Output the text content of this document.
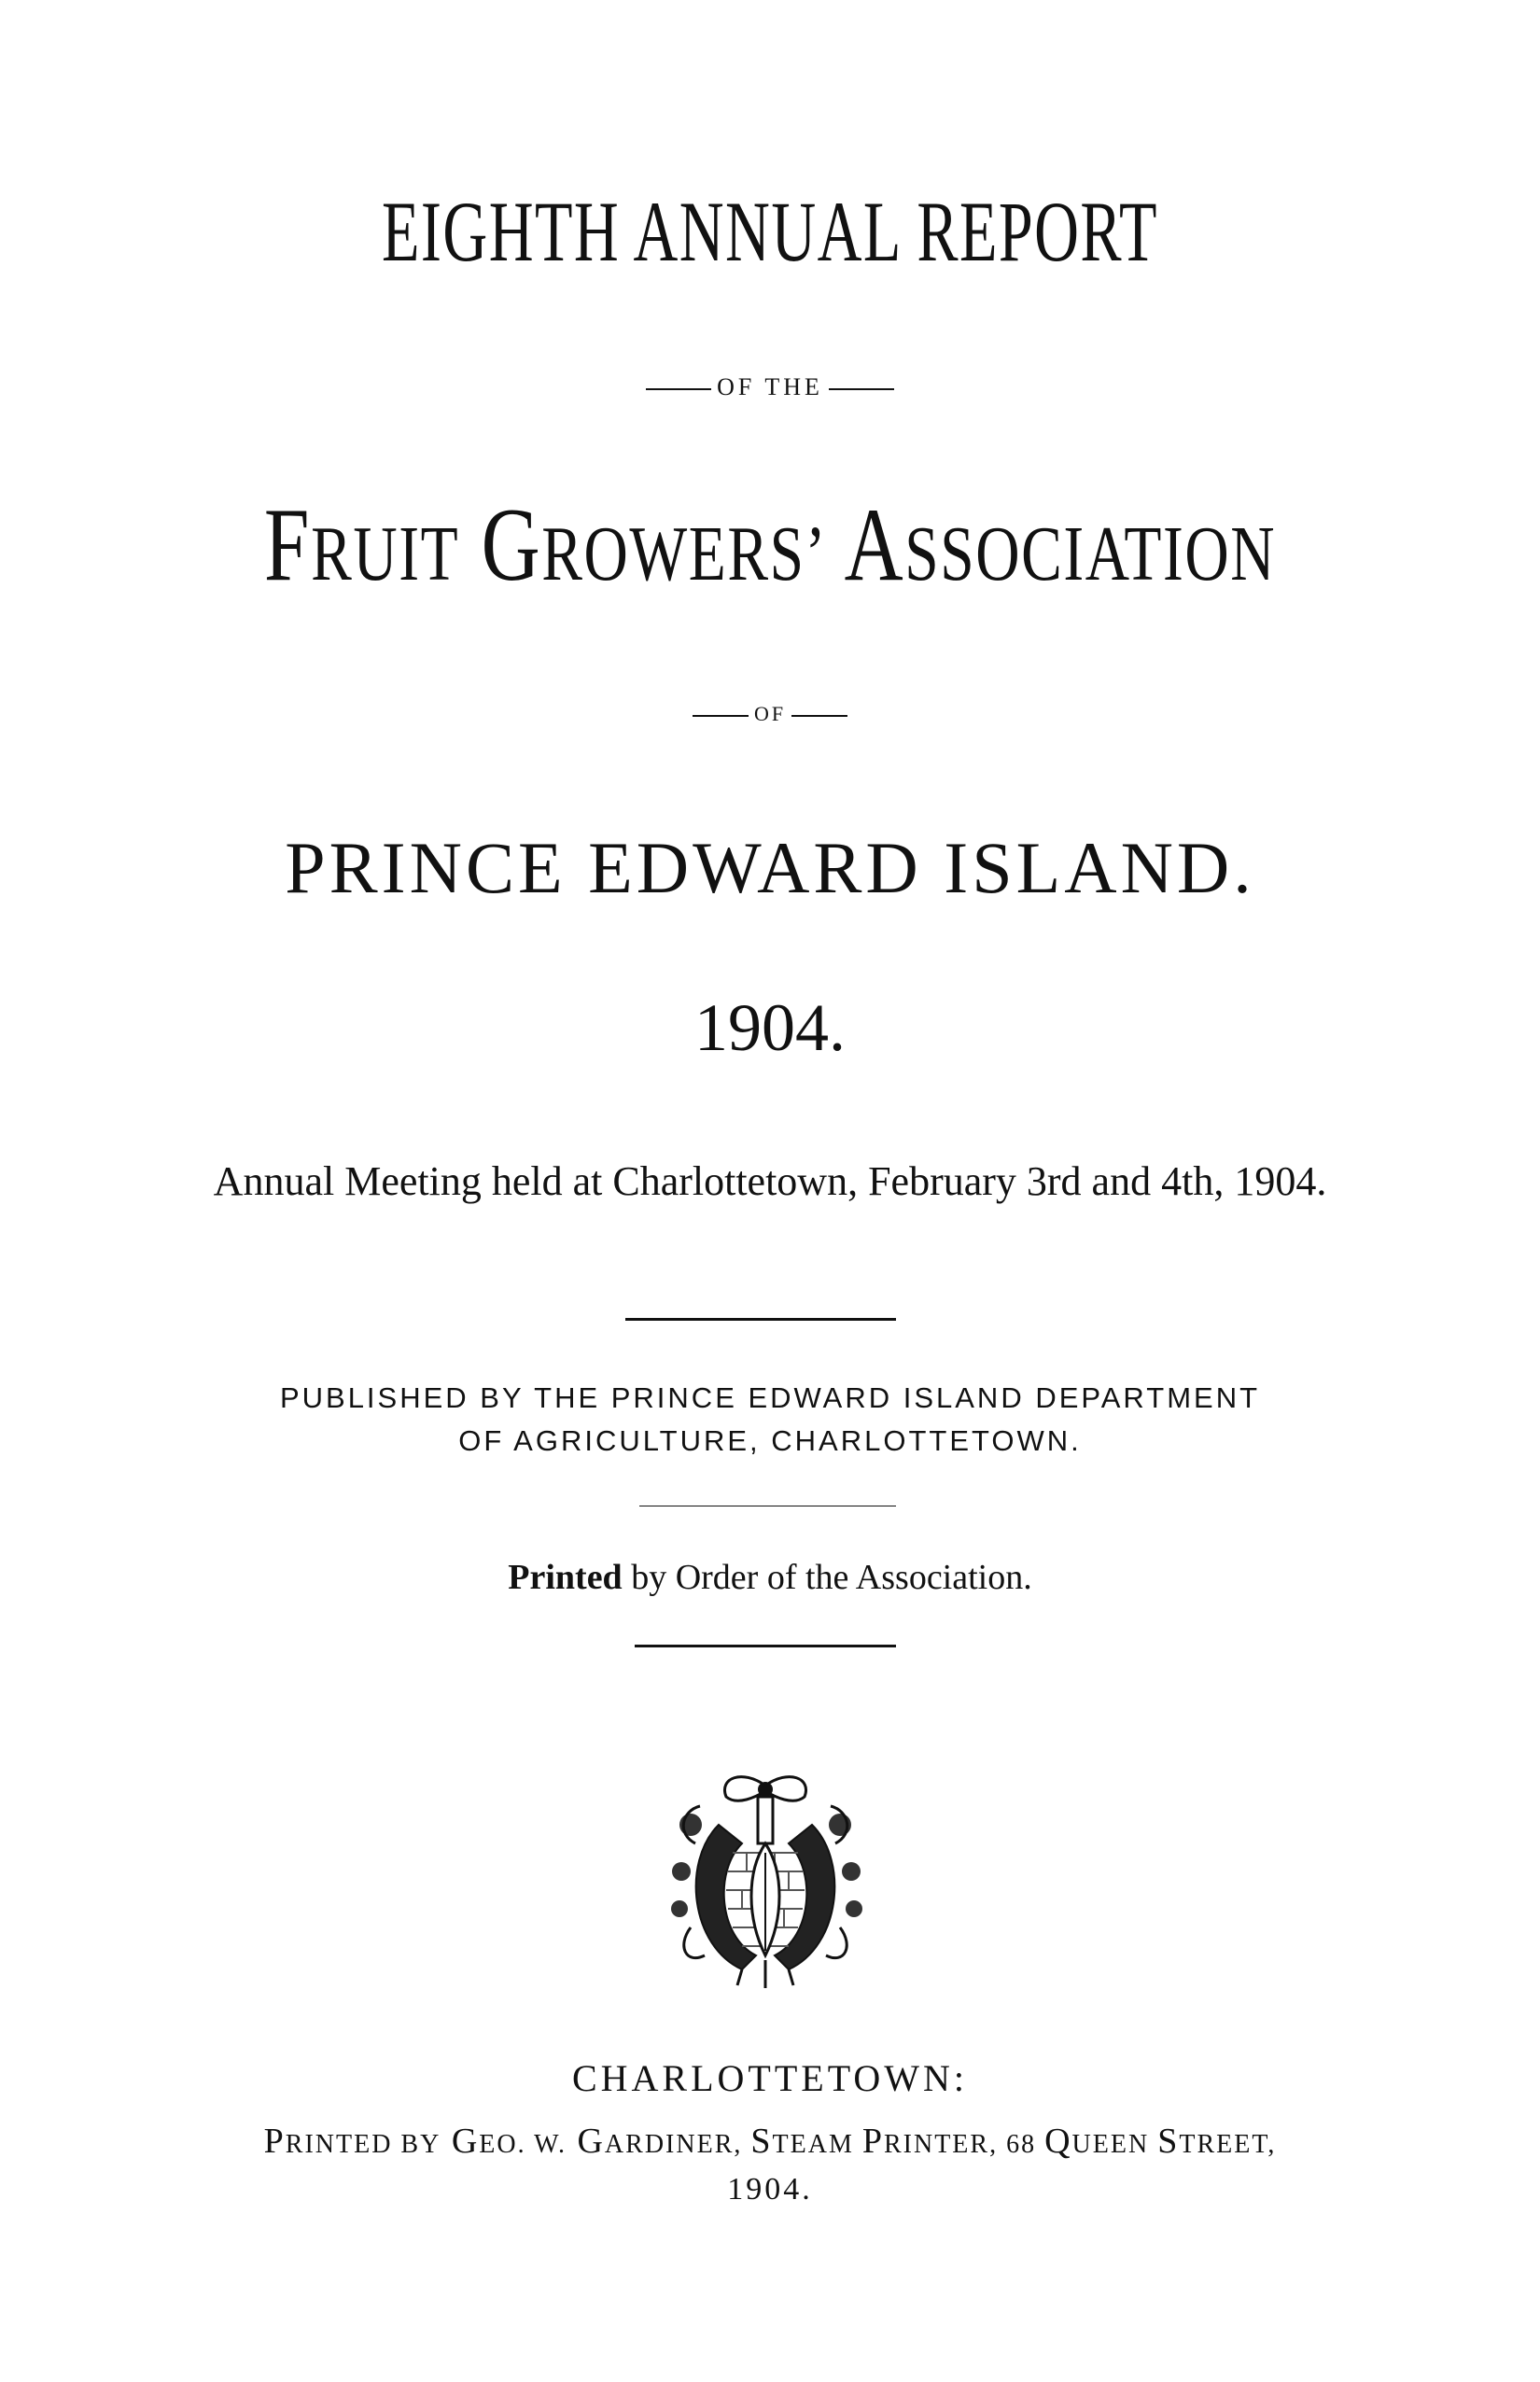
EIGHTH ANNUAL REPORT
OF THE
FRUIT GROWERS’ ASSOCIATION
OF
PRINCE EDWARD ISLAND.
1904.
Annual Meeting held at Charlottetown, February 3rd and 4th, 1904.
PUBLISHED BY THE PRINCE EDWARD ISLAND DEPARTMENT
OF AGRICULTURE, CHARLOTTETOWN.
Printed by Order of the Association.
CHARLOTTETOWN:
PRINTED BY GEO. W. GARDINER, STEAM PRINTER, 68 QUEEN STREET,
1904.
